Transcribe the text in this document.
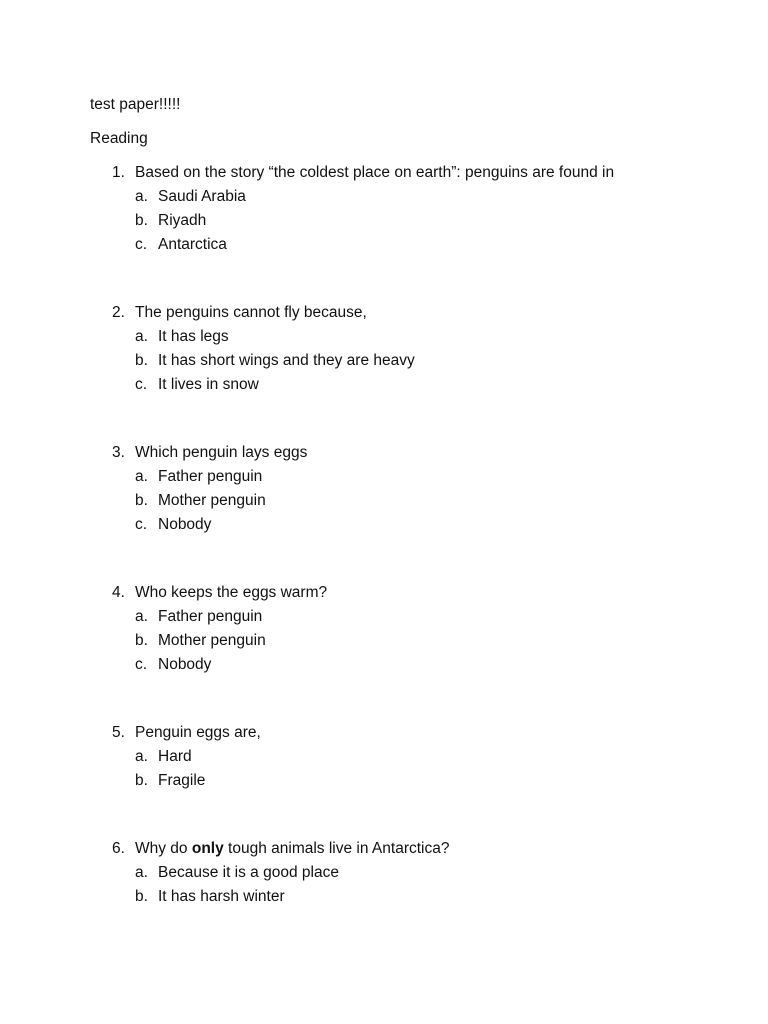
test paper!!!!!
Reading
1. Based on the story “the coldest place on earth”: penguins are found in
a. Saudi Arabia
b. Riyadh
c. Antarctica
2. The penguins cannot fly because,
a. It has legs
b. It has short wings and they are heavy
c. It lives in snow
3. Which penguin lays eggs
a. Father penguin
b. Mother penguin
c. Nobody
4. Who keeps the eggs warm?
a. Father penguin
b. Mother penguin
c. Nobody
5. Penguin eggs are,
a. Hard
b. Fragile
6. Why do only tough animals live in Antarctica?
a. Because it is a good place
b. It has harsh winter
